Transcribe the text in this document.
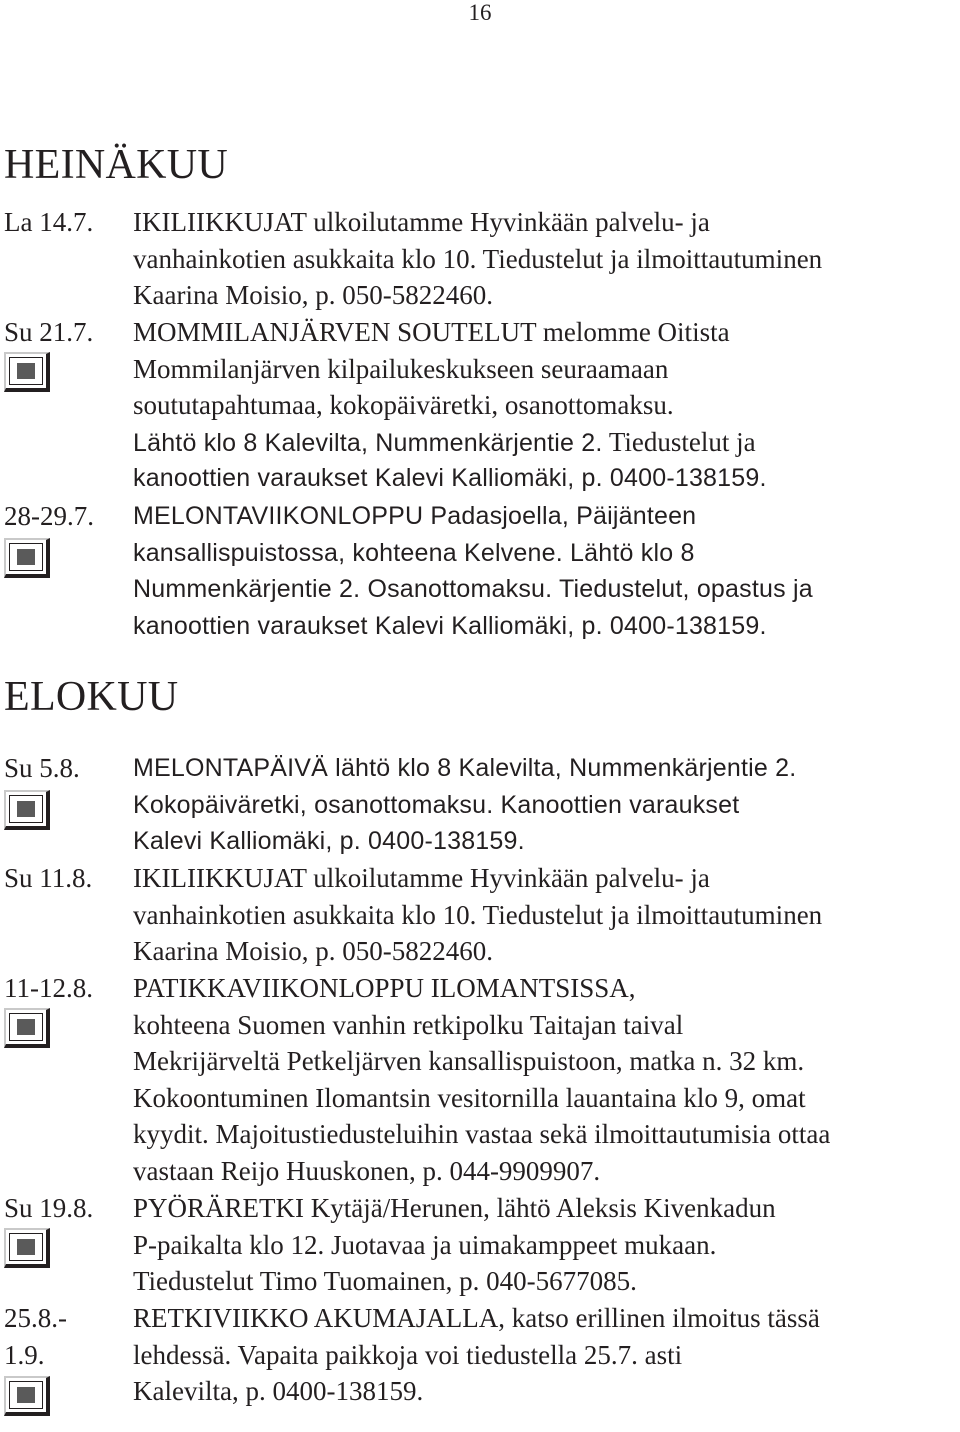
16
HEINÄKUU
La 14.7. IKILIIKKUJAT ulkoilutamme Hyvinkään palvelu- ja
vanhainkotien asukkaita klo 10. Tiedustelut ja ilmoittautuminen
Kaarina Moisio, p. 050-5822460.
Su 21.7. MOMMILANJÄRVEN SOUTELUT melomme Oitista
Mommilanjärven kilpailukeskukseen seuraamaan
soututapahtumaa, kokopäiväretki, osanottomaksu.
Lähtö klo 8 Kalevilta, Nummenkärjentie 2. Tiedustelut ja
kanoottien varaukset Kalevi Kalliomäki, p. 0400-138159.
28-29.7. MELONTAVIIKONLOPPU Padasjoella, Päijänteen
kansallispuistossa, kohteena Kelvene. Lähtö klo 8
Nummenkärjentie 2. Osanottomaksu. Tiedustelut, opastus ja
kanoottien varaukset Kalevi Kalliomäki, p. 0400-138159.
ELOKUU
Su 5.8. MELONTAPÄIVÄ lähtö klo 8 Kalevilta, Nummenkärjentie 2.
Kokopäiväretki, osanottomaksu. Kanoottien varaukset
Kalevi Kalliomäki, p. 0400-138159.
Su 11.8. IKILIIKKUJAT ulkoilutamme Hyvinkään palvelu- ja
vanhainkotien asukkaita klo 10. Tiedustelut ja ilmoittautuminen
Kaarina Moisio, p. 050-5822460.
11-12.8. PATIKKAVIIKONLOPPU ILOMANTSISSA,
kohteena Suomen vanhin retkipolku Taitajan taival
Mekrijärveltä Petkeljärven kansallispuistoon, matka n. 32 km.
Kokoontuminen Ilomantsin vesitornilla lauantaina klo 9, omat
kyydit. Majoitustiedusteluihin vastaa sekä ilmoittautumisia ottaa
vastaan Reijo Huuskonen, p. 044-9909907.
Su 19.8. PYÖRÄRETKI Kytäjä/Herunen, lähtö Aleksis Kivenkadun
P-paikalta klo 12. Juotavaa ja uimakamppeet mukaan.
Tiedustelut Timo Tuomainen, p. 040-5677085.
25.8.-
1.9.
RETKIVIIKKO AKUMAJALLA, katso erillinen ilmoitus tässä
lehdessä. Vapaita paikkoja voi tiedustella 25.7. asti
Kalevilta, p. 0400-138159.
